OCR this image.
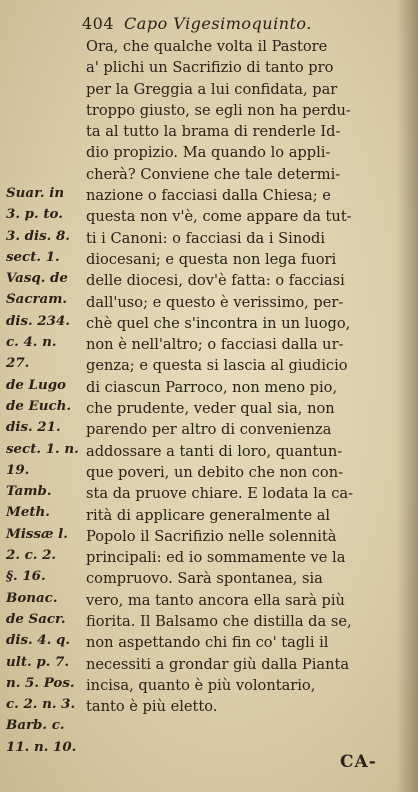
404 Capo Vigesimoquinto.
Ora, che qualche volta il Pastore
a' plichi un Sacrifizio di tanto pro
per la Greggia a lui confidata, par
troppo giusto, se egli non ha perdu-
ta al tutto la brama di renderle Id-
dio propizio. Ma quando lo appli-
cherà? Conviene che tale determi-
nazione o facciasi dalla Chiesa; e
questa non v'è, come appare da tut-
ti i Canoni: o facciasi da i Sinodi
diocesani; e questa non lega fuori
delle diocesi, dov'è fatta: o facciasi
dall'uso; e questo è verissimo, per-
chè quel che s'incontra in un luogo,
non è nell'altro; o facciasi dalla ur-
genza; e questa si lascia al giudicio
di ciascun Parroco, non meno pio,
che prudente, veder qual sia, non
parendo per altro di convenienza
addossare a tanti di loro, quantun-
que poveri, un debito che non con-
sta da pruove chiare. E lodata la ca-
rità di applicare generalmente al
Popolo il Sacrifizio nelle solennità
principali: ed io sommamente ve la
compruovo. Sarà spontanea, sia
vero, ma tanto ancora ella sarà più
fiorita. Il Balsamo che distilla da se,
non aspettando chi fin co' tagli il
necessiti a grondar giù dalla Pianta
incisa, quanto è più volontario,
tanto è più eletto.
Suar. in
3. p. to.
3. dis. 8.
sect. 1.
Vasq. de
Sacram.
dis. 234.
c. 4. n.
27.
de Lugo
de Euch.
dis. 21.
sect. 1. n.
19.
Tamb.
Meth.
Missæ l.
2. c. 2.
§. 16.
Bonac.
de Sacr.
dis. 4. q.
ult. p. 7.
n. 5. Pos.
c. 2. n. 3.
Barb. c.
11. n. 10.
CA-
